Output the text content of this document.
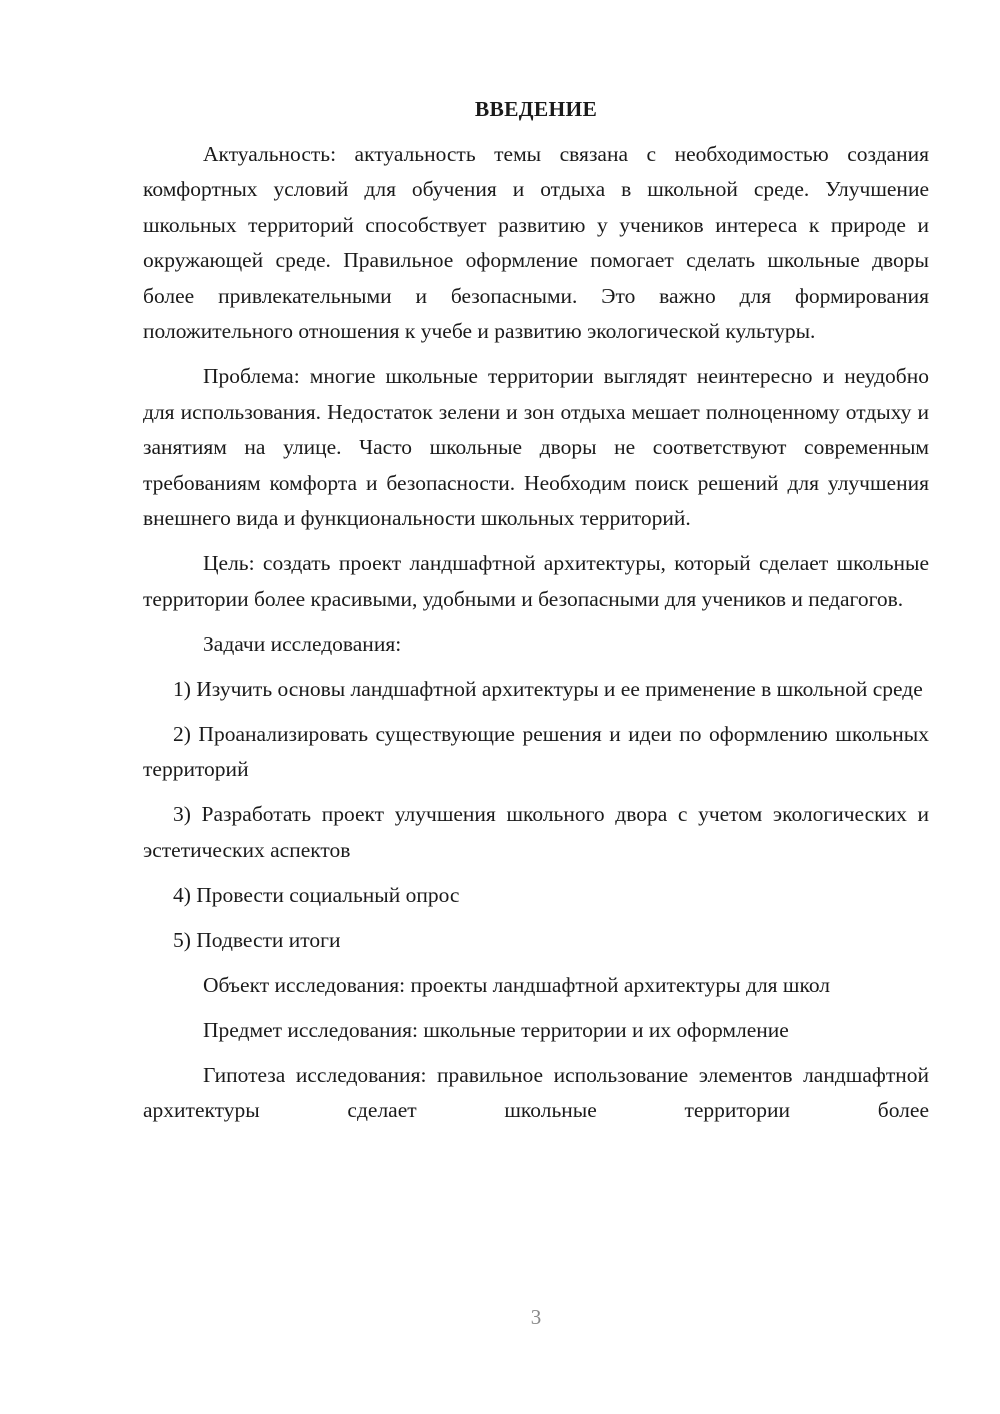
ВВЕДЕНИЕ

Актуальность: актуальность темы связана с необходимостью создания комфортных условий для обучения и отдыха в школьной среде. Улучшение школьных территорий способствует развитию у учеников интереса к природе и окружающей среде. Правильное оформление помогает сделать школьные дворы более привлекательными и безопасными. Это важно для формирования положительного отношения к учебе и развитию экологической культуры.

Проблема: многие школьные территории выглядят неинтересно и неудобно для использования. Недостаток зелени и зон отдыха мешает полноценному отдыху и занятиям на улице. Часто школьные дворы не соответствуют современным требованиям комфорта и безопасности. Необходим поиск решений для улучшения внешнего вида и функциональности школьных территорий.

Цель: создать проект ландшафтной архитектуры, который сделает школьные территории более красивыми, удобными и безопасными для учеников и педагогов.

Задачи исследования:

1) Изучить основы ландшафтной архитектуры и ее применение в школьной среде

2) Проанализировать существующие решения и идеи по оформлению школьных территорий

3) Разработать проект улучшения школьного двора с учетом экологических и эстетических аспектов

4) Провести социальный опрос

5) Подвести итоги

Объект исследования: проекты ландшафтной архитектуры для школ

Предмет исследования: школьные территории и их оформление

Гипотеза исследования: правильное использование элементов ландшафтной архитектуры сделает школьные территории более

3
